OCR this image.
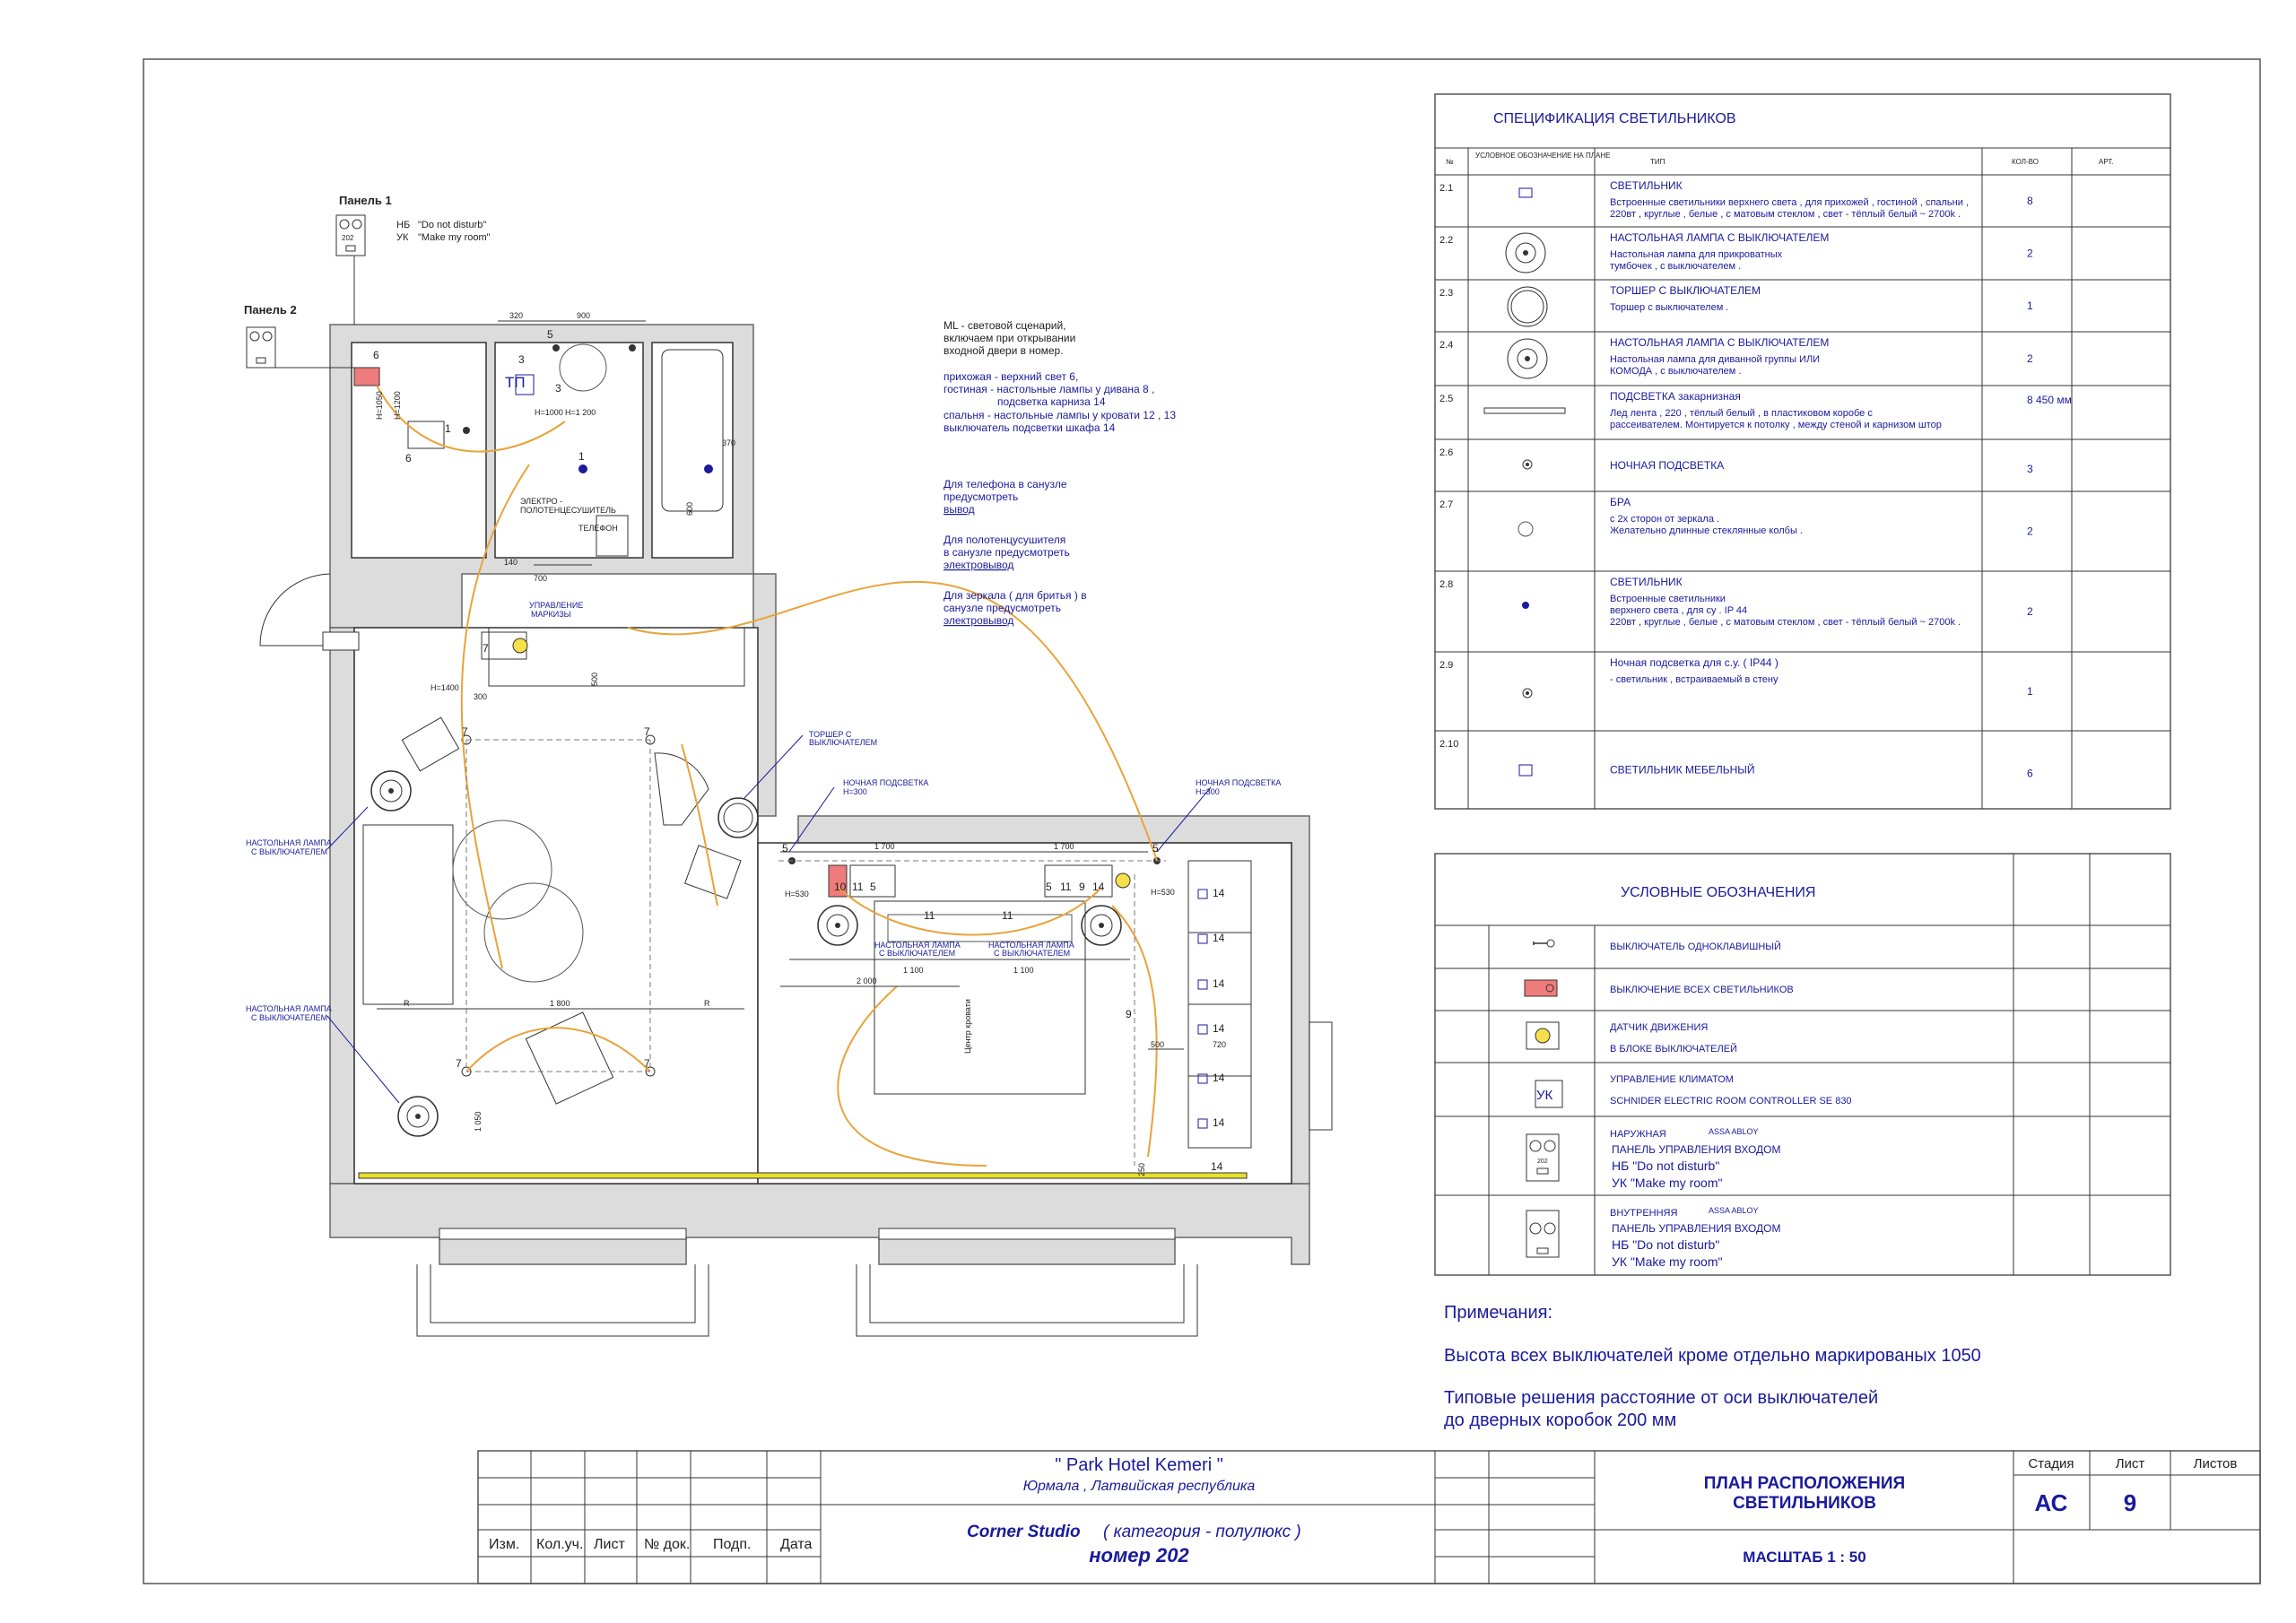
Панель 1
Панель 2
НБ
УК
"Do not disturb"
"Make my room"
202
ML - световой сценарий,
включаем при открывании
входной двери в номер.
прихожая - верхний свет 6,
гостиная - настольные лампы у дивана 8 ,
подсветка карниза 14
спальня - настольные лампы у кровати 12 , 13
выключатель подсветки шкафа 14
Для телефона в санузле
предусмотреть
вывод
Для полотенцусушителя
в санузле предусмотреть
электровывод
Для зеркала ( для бритья ) в
санузле предусмотреть
электровывод
ТП
ЭЛЕКТРО -
ПОЛОТЕНЦЕСУШИТЕЛЬ
ТЕЛЕФОН
УПРАВЛЕНИЕ
МАРКИЗЫ
ТОРШЕР С
ВЫКЛЮЧАТЕЛЕМ
НОЧНАЯ ПОДСВЕТКА
H=300
НОЧНАЯ ПОДСВЕТКА
H=300
НАСТОЛЬНАЯ ЛАМПА
С ВЫКЛЮЧАТЕЛЕМ
НАСТОЛЬНАЯ ЛАМПА
С ВЫКЛЮЧАТЕЛЕМ
НАСТОЛЬНАЯ ЛАМПА
С ВЫКЛЮЧАТЕЛЕМ
НАСТОЛЬНАЯ ЛАМПА
С ВЫКЛЮЧАТЕЛЕМ
Центр кровати
320	900
H=1000 H=1 200
370
700
140
600
H=1400
300
500
1 800
1 700	1 700
1 100	1 100
2 000
H=530	H=530
720
500
1 050
250
R	R
H=1050 H=1200
1
1
3
3
5
6
6
7	7
7	7
7
9
11	11
14
10 11 5	5 11 9 14
5	5
14
14
14
14
14
14
СПЕЦИФИКАЦИЯ СВЕТИЛЬНИКОВ
№
УСЛОВНОЕ ОБОЗНАЧЕНИЕ НА ПЛАНЕ
ТИП	КОЛ-ВО	АРТ.
2.1	СВЕТИЛЬНИК
Встроенные светильники верхнего света , для прихожей , гостиной , спальни ,
220вт , круглые , белые , с матовым стеклом , свет - тёплый белый ~ 2700k .
8
2.2	НАСТОЛЬНАЯ ЛАМПА С ВЫКЛЮЧАТЕЛЕМ
Настольная лампа для прикроватных
тумбочек , с выключателем .
2
2.3	ТОРШЕР С ВЫКЛЮЧАТЕЛЕМ
Торшер с выключателем .	1
2.4	НАСТОЛЬНАЯ ЛАМПА С ВЫКЛЮЧАТЕЛЕМ
Настольная лампа для диванной группы ИЛИ
КОМОДА , с выключателем .
2
2.5	ПОДСВЕТКА закарнизная
Лед лента , 220 , тёплый белый , в пластиковом коробе с
рассеивателем. Монтируется к потолку , между стеной и карнизом штор
8 450 мм
2.6
НОЧНАЯ ПОДСВЕТКА	3
2.7	БРА
с 2х сторон от зеркала .
Желательно длинные стеклянные колбы .	2
2.8	СВЕТИЛЬНИК
Встроенные светильники
верхнего света , для су . IP 44
220вт , круглые , белые , с матовым стеклом , свет - тёплый белый ~ 2700k .
2
2.9	Ночная подсветка для с.у. ( IP44 )
- светильник , встраиваемый в стену
1
2.10
СВЕТИЛЬНИК МЕБЕЛЬНЫЙ	6
УСЛОВНЫЕ ОБОЗНАЧЕНИЯ
ВЫКЛЮЧАТЕЛЬ ОДНОКЛАВИШНЫЙ
ВЫКЛЮЧЕНИЕ ВСЕХ СВЕТИЛЬНИКОВ
ДАТЧИК ДВИЖЕНИЯ
В БЛОКЕ ВЫКЛЮЧАТЕЛЕЙ
УПРАВЛЕНИЕ КЛИМАТОМ
SCHNIDER ELECTRIC ROOM CONTROLLER SE 830
НАРУЖНАЯ	ASSA ABLOY
ПАНЕЛЬ УПРАВЛЕНИЯ ВХОДОМ
НБ "Do not disturb"
УК "Make my room"
ВНУТРЕННЯЯ	ASSA ABLOY
ПАНЕЛЬ УПРАВЛЕНИЯ ВХОДОМ
НБ "Do not disturb"
УК "Make my room"
УК
202
Примечания:
Высота всех выключателей кроме отдельно маркированых 1050
Типовые решения расстояние от оси выключателей
до дверных коробок 200 мм
Изм. Кол.уч. Лист № док. Подп. Дата
" Park Hotel Kemeri "
Юрмала , Латвийская республика
Corner Studio ( категория - полулюкс )
номер 202
ПЛАН РАСПОЛОЖЕНИЯ
СВЕТИЛЬНИКОВ
МАСШТАБ 1 : 50
Стадия	Лист	Листов
АС 9
